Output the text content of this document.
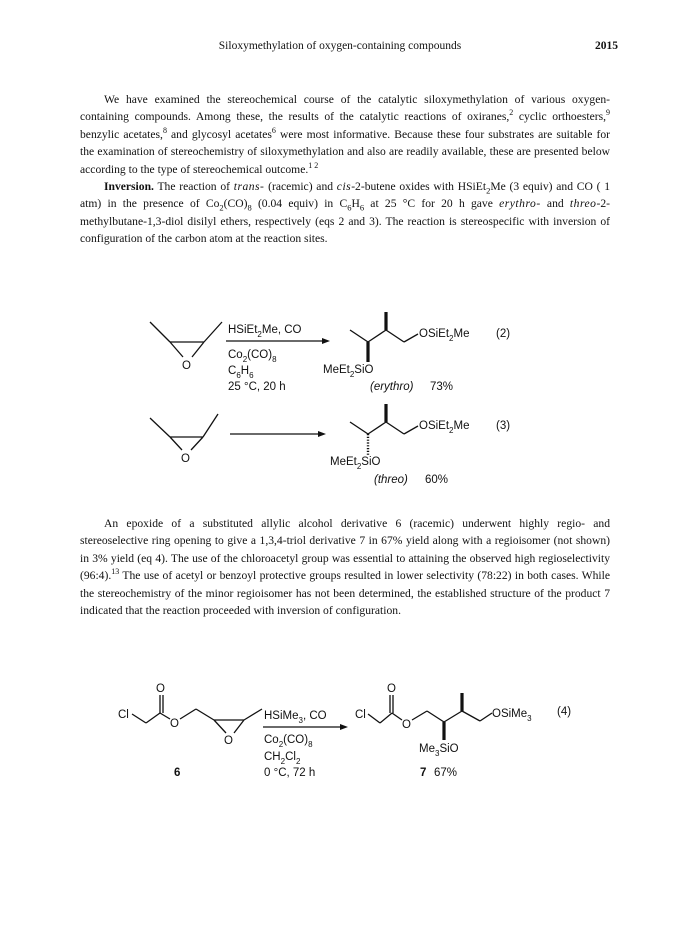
Siloxymethylation of oxygen-containing compounds	2015

We have examined the stereochemical course of the catalytic siloxymethylation of various oxygen-containing compounds. Among these, the results of the catalytic reactions of oxiranes,$^2$ cyclic orthoesters,$^9$ benzylic acetates,$^8$ and glycosyl acetates$^6$ were most informative. Because these four substrates are suitable for the examination of stereochemistry of siloxymethylation and also are readily available, these are presented below according to the type of stereochemical outcome.$^{1 2}$

Inversion. The reaction of trans- (racemic) and cis-2-butene oxides with HSiEt$_2$Me (3 equiv) and CO ( 1 atm) in the presence of $Co_2(CO)_8$ (0.04 equiv) in $C_6H_6$ at 25 °C for 20 h gave erythro- and threo-2-methylbutane-1,3-diol disilyl ethers, respectively (eqs 2 and 3). The reaction is stereospecific with inversion of configuration of the carbon atom at the reaction sites.

O
HSiEt$_2$Me, CO
$Co_2(CO)_8$
$C_6H_6$
25 °C, 20 h
OSiEt$_2$Me
MeEt$_2$SiO
(erythro) 73%
(2)
O
OSiEt$_2$Me
MeEt$_2$SiO
(threo) 60%
(3)

An epoxide of a substituted allylic alcohol derivative 6 (racemic) underwent highly regio- and stereoselective ring opening to give a 1,3,4-triol derivative 7 in 67% yield along with a regioisomer (not shown) in 3% yield (eq 4). The use of the chloroacetyl group was essential to attaining the observed high regioselectivity (96:4).$^{13}$ The use of acetyl or benzoyl protective groups resulted in lower selectivity (78:22) in both cases. While the stereochemistry of the minor regioisomer has not been determined, the established structure of the product 7 indicated that the reaction proceeded with inversion of configuration.

Cl
O
O
O
6
HSiMe$_3$, CO
$Co_2(CO)_8$
$CH_2Cl_2$
0 °C, 72 h
Cl
O
O
OSiMe$_3$
$Me_3SiO$
7 67%
(4)
